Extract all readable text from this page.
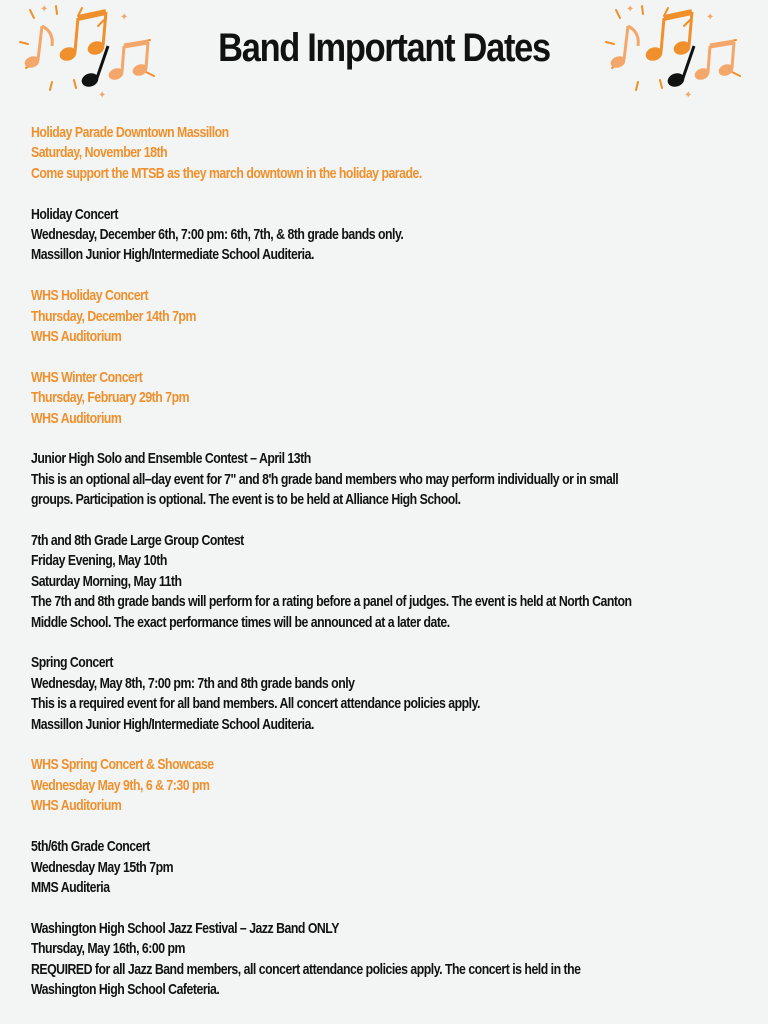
✦
✦
✦
Band Important Dates
✦
✦
✦
Holiday Parade Downtown Massillon
Saturday, November 18th
Come support the MTSB as they march downtown in the holiday parade.
Holiday Concert
Wednesday, December 6th, 7:00 pm: 6th, 7th, & 8th grade bands only.
Massillon Junior High/Intermediate School Auditeria.
WHS Holiday Concert
Thursday, December 14th 7pm
WHS Auditorium
WHS Winter Concert
Thursday, February 29th 7pm
WHS Auditorium
Junior High Solo and Ensemble Contest – April 13th
This is an optional all–day event for 7" and 8'h grade band members who may perform individually or in small
groups. Participation is optional. The event is to be held at Alliance High School.
7th and 8th Grade Large Group Contest
Friday Evening, May 10th
Saturday Morning, May 11th
The 7th and 8th grade bands will perform for a rating before a panel of judges. The event is held at North Canton
Middle School. The exact performance times will be announced at a later date.
Spring Concert
Wednesday, May 8th, 7:00 pm: 7th and 8th grade bands only
This is a required event for all band members. All concert attendance policies apply.
Massillon Junior High/Intermediate School Auditeria.
WHS Spring Concert & Showcase
Wednesday May 9th, 6 & 7:30 pm
WHS Auditorium
5th/6th Grade Concert
Wednesday May 15th 7pm
MMS Auditeria
Washington High School Jazz Festival – Jazz Band ONLY
Thursday, May 16th, 6:00 pm
REQUIRED for all Jazz Band members, all concert attendance policies apply. The concert is held in the
Washington High School Cafeteria.
